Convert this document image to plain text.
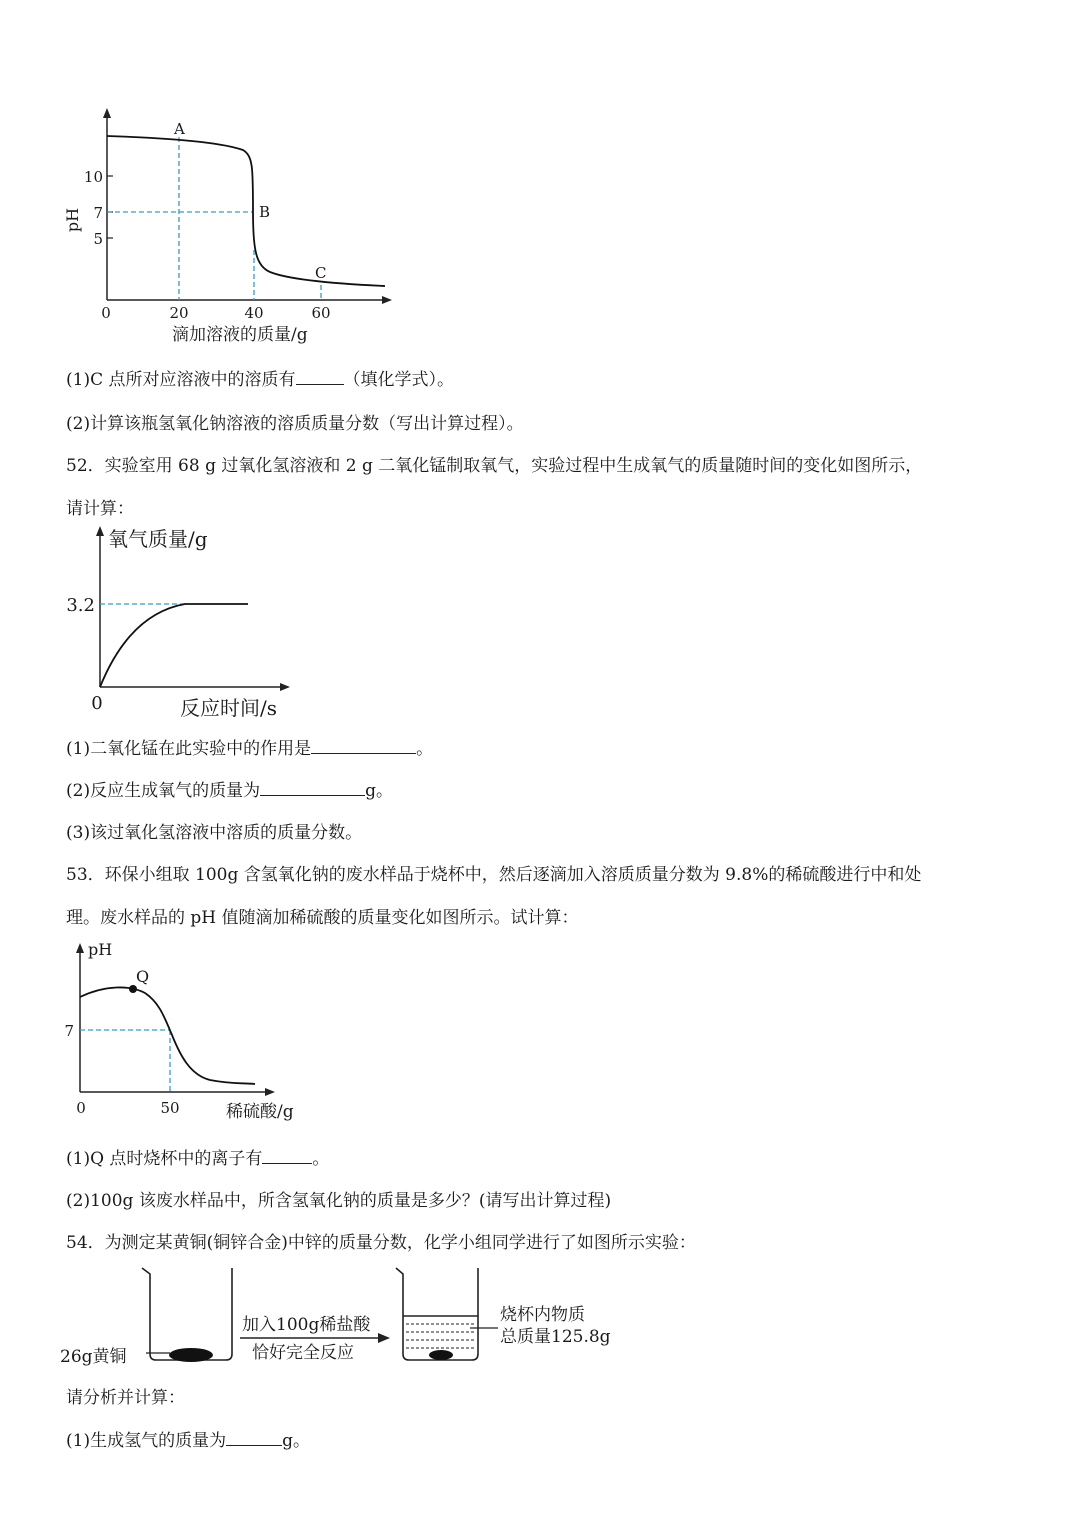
10
7
5
0	20	40	60
A
B
C
pH
滴加溶液的质量/g
(1)C 点所对应溶液中的溶质有	（填化学式）。
(2)计算该瓶氢氧化钠溶液的溶质质量分数（写出计算过程）。
52．实验室用 68 g 过氧化氢溶液和 2 g 二氧化锰制取氧气，实验过程中生成氧气的质量随时间的变化如图所示，
请计算：
3.2
0
氧气质量/g
反应时间/s
(1)二氧化锰在此实验中的作用是	。
(2)反应生成氧气的质量为	g。
(3)该过氧化氢溶液中溶质的质量分数。
53．环保小组取 100g 含氢氧化钠的废水样品于烧杯中，然后逐滴加入溶质质量分数为 9.8%的稀硫酸进行中和处
理。废水样品的 pH 值随滴加稀硫酸的质量变化如图所示。试计算：
Q
pH
7
0	50	稀硫酸/g
(1)Q 点时烧杯中的离子有	。
(2)100g 该废水样品中，所含氢氧化钠的质量是多少？(请写出计算过程)
54．为测定某黄铜(铜锌合金)中锌的质量分数，化学小组同学进行了如图所示实验：
26g黄铜
加入100g稀盐酸
恰好完全反应
烧杯内物质
总质量125.8g
请分析并计算：
(1)生成氢气的质量为	g。
